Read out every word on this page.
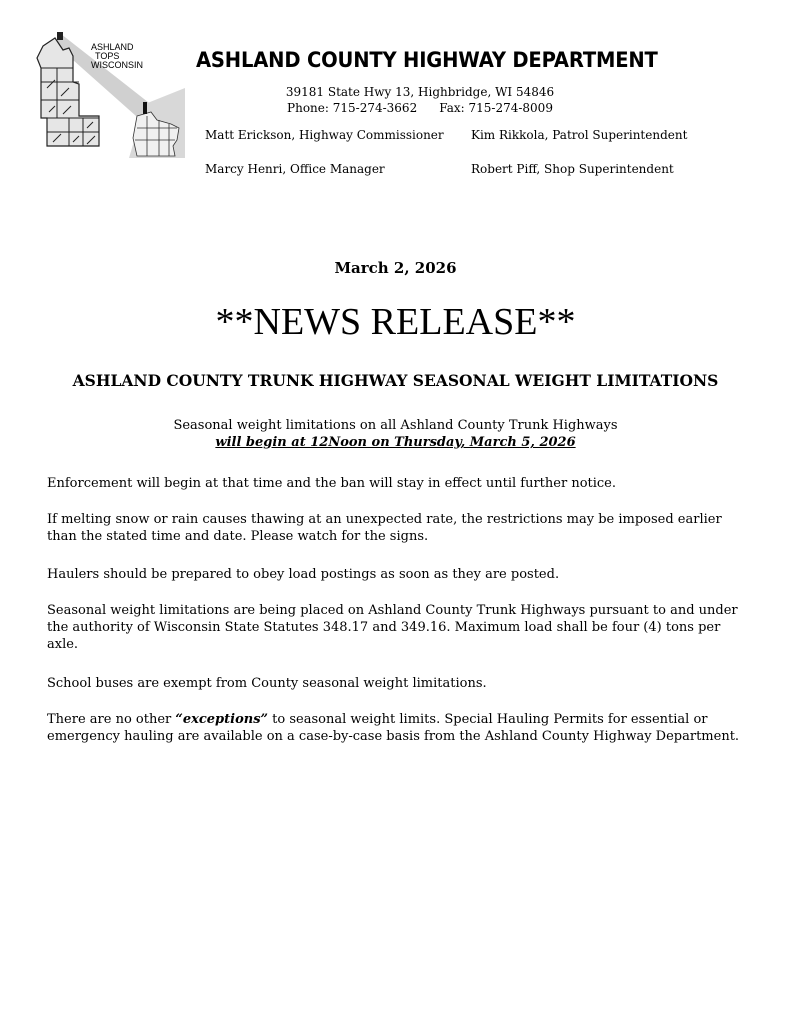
ASHLAND
TOPS
WISCONSIN	ASHLAND COUNTY HIGHWAY DEPARTMENT
39181 State Hwy 13, Highbridge, WI 54846
Phone: 715-274-3662 Fax: 715-274-8009
Matt Erickson, Highway Commissioner Kim Rikkola, Patrol Superintendent
Marcy Henri, Office Manager	Robert Piff, Shop Superintendent
March 2, 2026
**NEWS RELEASE**
ASHLAND COUNTY TRUNK HIGHWAY SEASONAL WEIGHT LIMITATIONS
Seasonal weight limitations on all Ashland County Trunk Highways
will begin at 12Noon on Thursday, March 5, 2026

Enforcement will begin at that time and the ban will stay in effect until further notice.

If melting snow or rain causes thawing at an unexpected rate, the restrictions may be imposed earlier than the stated time and date. Please watch for the signs.

Haulers should be prepared to obey load postings as soon as they are posted.

Seasonal weight limitations are being placed on Ashland County Trunk Highways pursuant to and under the authority of Wisconsin State Statutes 348.17 and 349.16. Maximum load shall be four (4) tons per axle.

School buses are exempt from County seasonal weight limitations.

There are no other “exceptions” to seasonal weight limits. Special Hauling Permits for essential or emergency hauling are available on a case-by-case basis from the Ashland County Highway Department.
